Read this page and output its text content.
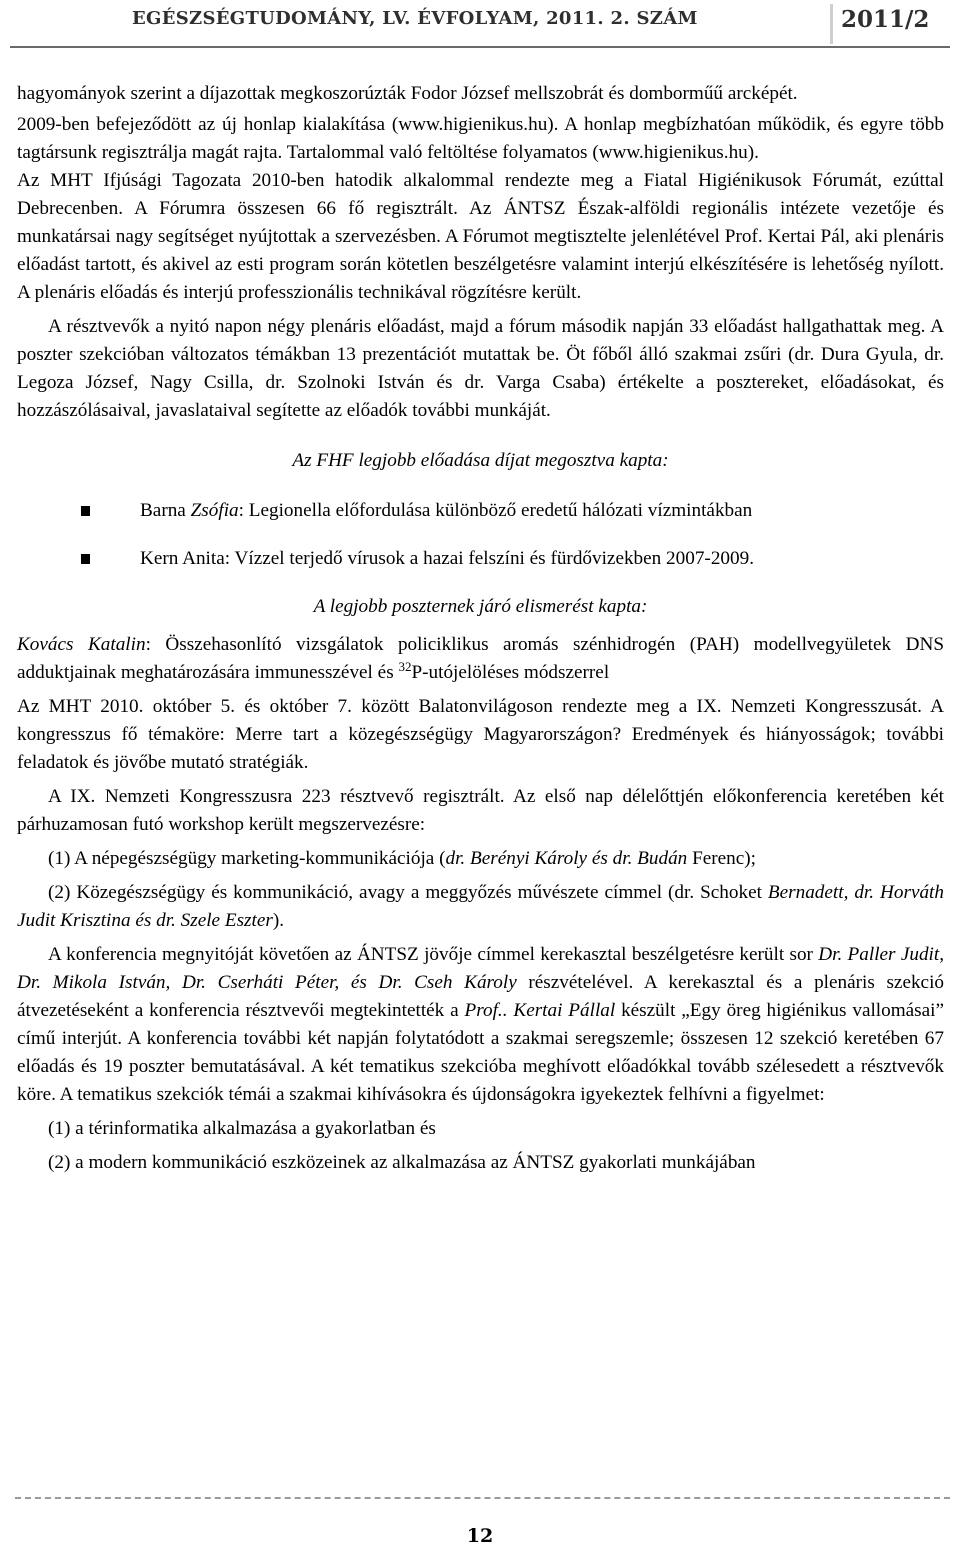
EGÉSZSÉGTUDOMÁNY, LV. ÉVFOLYAM, 2011. 2. SZÁM	2011/2

hagyományok szerint a díjazottak megkoszorúzták Fodor József mellszobrát és domborműű arcképét.

2009-ben befejeződött az új honlap kialakítása (www.higienikus.hu). A honlap megbízhatóan működik, és egyre több tagtársunk regisztrálja magát rajta. Tartalommal való feltöltése folyamatos (www.higienikus.hu).

Az MHT Ifjúsági Tagozata 2010-ben hatodik alkalommal rendezte meg a Fiatal Higiénikusok Fórumát, ezúttal Debrecenben. A Fórumra összesen 66 fő regisztrált. Az ÁNTSZ Észak-alföldi regionális intézete vezetője és munkatársai nagy segítséget nyújtottak a szervezésben. A Fórumot megtisztelte jelenlétével Prof. Kertai Pál, aki plenáris előadást tartott, és akivel az esti program során kötetlen beszélgetésre valamint interjú elkészítésére is lehetőség nyílott. A plenáris előadás és interjú professzionális technikával rögzítésre került.

A résztvevők a nyitó napon négy plenáris előadást, majd a fórum második napján 33 előadást hallgathattak meg. A poszter szekcióban változatos témákban 13 prezentációt mutattak be. Öt főből álló szakmai zsűri (dr. Dura Gyula, dr. Legoza József, Nagy Csilla, dr. Szolnoki István és dr. Varga Csaba) értékelte a posztereket, előadásokat, és hozzászólásaival, javaslataival segítette az előadók további munkáját.

Az FHF legjobb előadása díjat megosztva kapta:

Barna Zsófia: Legionella előfordulása különböző eredetű hálózati vízmintákban
Kern Anita: Vízzel terjedő vírusok a hazai felszíni és fürdővizekben 2007-2009.

A legjobb poszternek járó elismerést kapta:

Kovács Katalin: Összehasonlító vizsgálatok policiklikus aromás szénhidrogén (PAH) modellvegyületek DNS adduktjainak meghatározására immunesszével és $^{32}$P-utójelöléses módszerrel

Az MHT 2010. október 5. és október 7. között Balatonvilágoson rendezte meg a IX. Nemzeti Kongresszusát. A kongresszus fő témaköre: Merre tart a közegészségügy Magyarországon? Eredmények és hiányosságok; további feladatok és jövőbe mutató stratégiák.

A IX. Nemzeti Kongresszusra 223 résztvevő regisztrált. Az első nap délelőttjén előkonferencia keretében két párhuzamosan futó workshop került megszervezésre:

(1) A népegészségügy marketing-kommunikációja (dr. Berényi Károly és dr. Budán Ferenc);

(2) Közegészségügy és kommunikáció, avagy a meggyőzés művészete címmel (dr. Schoket Bernadett, dr. Horváth Judit Krisztina és dr. Szele Eszter).

A konferencia megnyitóját követően az ÁNTSZ jövője címmel kerekasztal beszélgetésre került sor Dr. Paller Judit, Dr. Mikola István, Dr. Cserháti Péter, és Dr. Cseh Károly részvételével. A kerekasztal és a plenáris szekció átvezetéseként a konferencia résztvevői megtekintették a Prof.. Kertai Pállal készült „Egy öreg higiénikus vallomásai” című interjút. A konferencia további két napján folytatódott a szakmai seregszemle; összesen 12 szekció keretében 67 előadás és 19 poszter bemutatásával. A két tematikus szekcióba meghívott előadókkal tovább szélesedett a résztvevők köre. A tematikus szekciók témái a szakmai kihívásokra és újdonságokra igyekeztek felhívni a figyelmet:

(1) a térinformatika alkalmazása a gyakorlatban és

(2) a modern kommunikáció eszközeinek az alkalmazása az ÁNTSZ gyakorlati munkájában

12
